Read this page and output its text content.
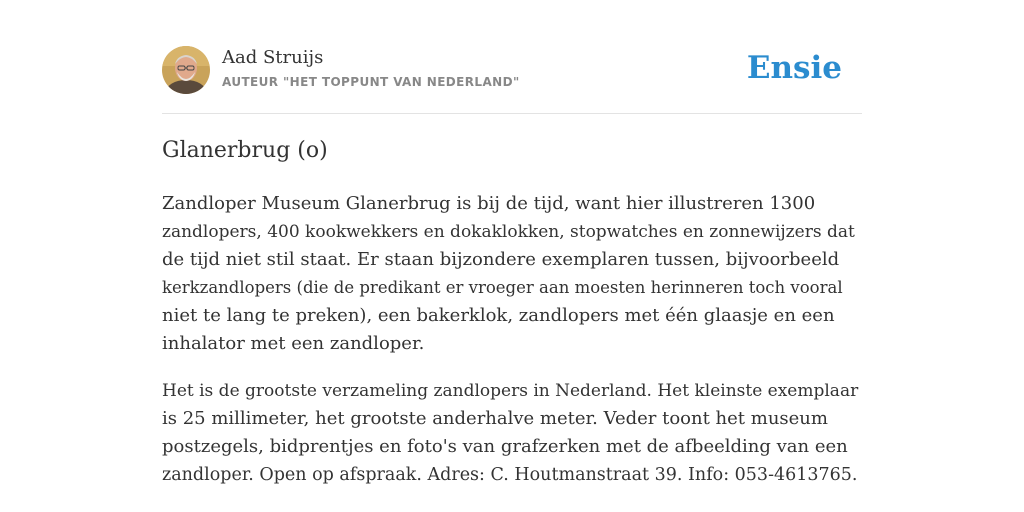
Aad Struijs
AUTEUR "HET TOPPUNT VAN NEDERLAND"	Ensie
Glanerbrug (o)

Zandloper Museum Glanerbrug is bij de tijd, want hier illustreren 1300
zandlopers, 400 kookwekkers en dokaklokken, stopwatches en zonnewijzers dat
de tijd niet stil staat. Er staan bijzondere exemplaren tussen, bijvoorbeeld
kerkzandlopers (die de predikant er vroeger aan moesten herinneren toch vooral
niet te lang te preken), een bakerklok, zandlopers met één glaasje en een
inhalator met een zandloper.

Het is de grootste verzameling zandlopers in Nederland. Het kleinste exemplaar
is 25 millimeter, het grootste anderhalve meter. Veder toont het museum
postzegels, bidprentjes en foto's van grafzerken met de afbeelding van een
zandloper. Open op afspraak. Adres: C. Houtmanstraat 39. Info: 053-4613765.
